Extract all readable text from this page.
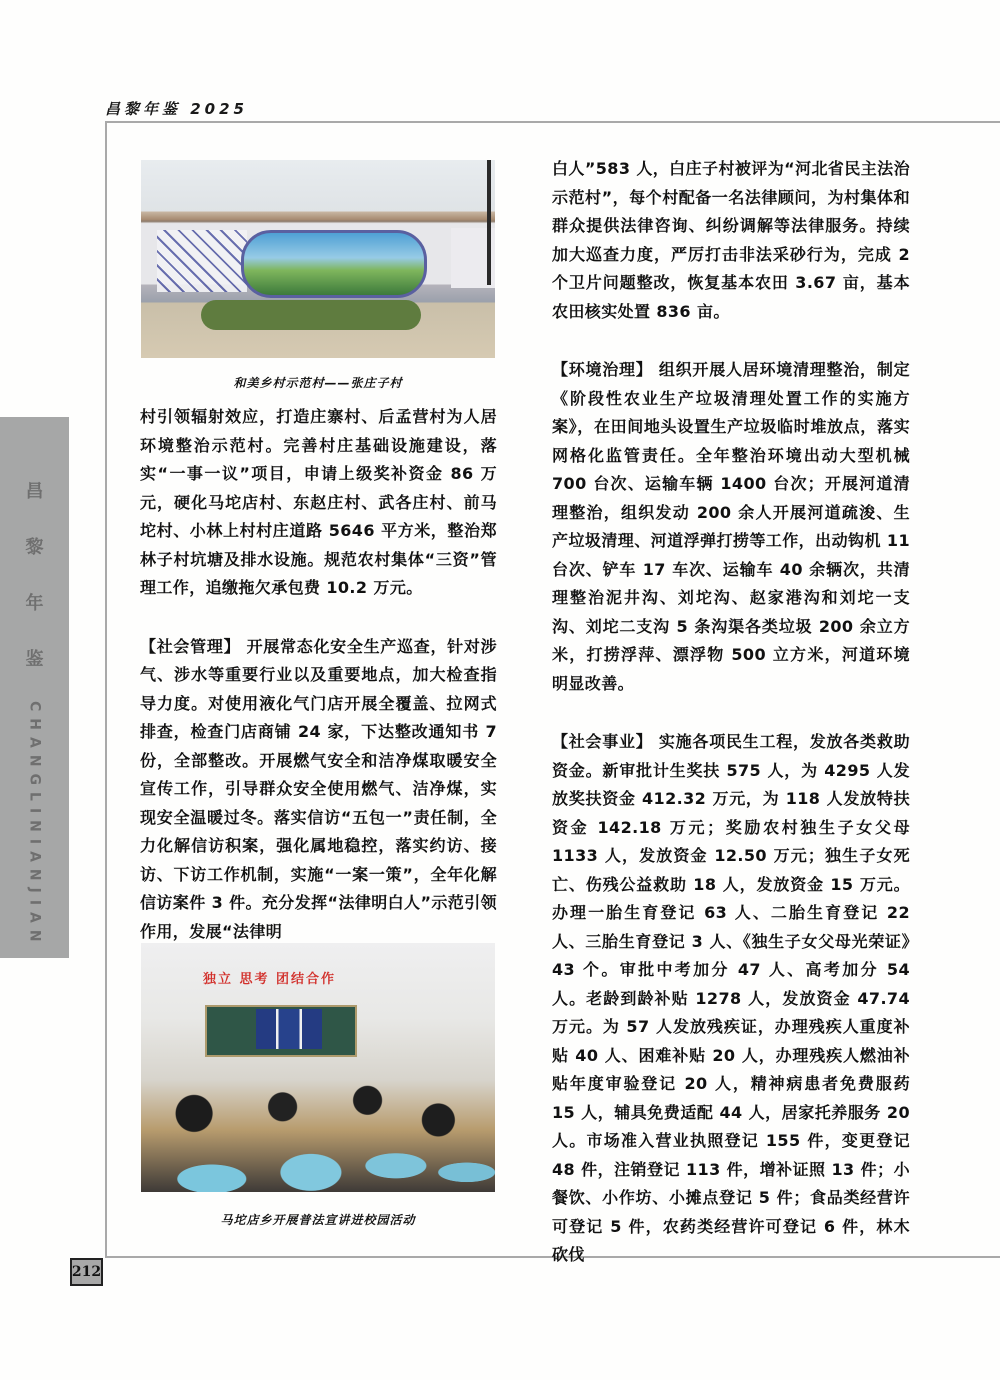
昌黎年鉴 2025
昌
黎
年
鉴
CHANGLINIANJIAN
212
和美乡村示范村——张庄子村

村引领辐射效应，打造庄寨村、后孟营村为人居环境整治示范村。完善村庄基础设施建设，落实“一事一议”项目，申请上级奖补资金 86 万元，硬化马坨店村、东赵庄村、武各庄村、前马坨村、小林上村村庄道路 5646 平方米，整治郑林子村坑塘及排水设施。规范农村集体“三资”管理工作，追缴拖欠承包费 10.2 万元。

【社会管理】 开展常态化安全生产巡查，针对涉气、涉水等重要行业以及重要地点，加大检查指导力度。对使用液化气门店开展全覆盖、拉网式排查，检查门店商铺 24 家，下达整改通知书 7 份，全部整改。开展燃气安全和洁净煤取暖安全宣传工作，引导群众安全使用燃气、洁净煤，实现安全温暖过冬。落实信访“五包一”责任制，全力化解信访积案，强化属地稳控，落实约访、接访、下访工作机制，实施“一案一策”，全年化解信访案件 3 件。充分发挥“法律明白人”示范引领作用，发展“法律明

独立 思考 团结合作
马坨店乡开展普法宣讲进校园活动

白人”583 人，白庄子村被评为“河北省民主法治示范村”，每个村配备一名法律顾问，为村集体和群众提供法律咨询、纠纷调解等法律服务。持续加大巡查力度，严厉打击非法采砂行为，完成 2 个卫片问题整改，恢复基本农田 3.67 亩，基本农田核实处置 836 亩。

【环境治理】 组织开展人居环境清理整治，制定《阶段性农业生产垃圾清理处置工作的实施方案》，在田间地头设置生产垃圾临时堆放点，落实网格化监管责任。全年整治环境出动大型机械 700 台次、运输车辆 1400 台次；开展河道清理整治，组织发动 200 余人开展河道疏浚、生产垃圾清理、河道浮弹打捞等工作，出动钩机 11 台次、铲车 17 车次、运输车 40 余辆次，共清理整治泥井沟、刘坨沟、赵家港沟和刘坨一支沟、刘坨二支沟 5 条沟渠各类垃圾 200 余立方米，打捞浮萍、漂浮物 500 立方米，河道环境明显改善。

【社会事业】 实施各项民生工程，发放各类救助资金。新审批计生奖扶 575 人，为 4295 人发放奖扶资金 412.32 万元，为 118 人发放特扶资金 142.18 万元；奖励农村独生子女父母 1133 人，发放资金 12.50 万元；独生子女死亡、伤残公益救助 18 人，发放资金 15 万元。办理一胎生育登记 63 人、二胎生育登记 22 人、三胎生育登记 3 人、《独生子女父母光荣证》43 个。审批中考加分 47 人、高考加分 54 人。老龄到龄补贴 1278 人，发放资金 47.74 万元。为 57 人发放残疾证，办理残疾人重度补贴 40 人、困难补贴 20 人，办理残疾人燃油补贴年度审验登记 20 人，精神病患者免费服药 15 人，辅具免费适配 44 人，居家托养服务 20 人。市场准入营业执照登记 155 件，变更登记 48 件，注销登记 113 件，增补证照 13 件；小餐饮、小作坊、小摊点登记 5 件；食品类经营许可登记 5 件，农药类经营许可登记 6 件，林木砍伐
